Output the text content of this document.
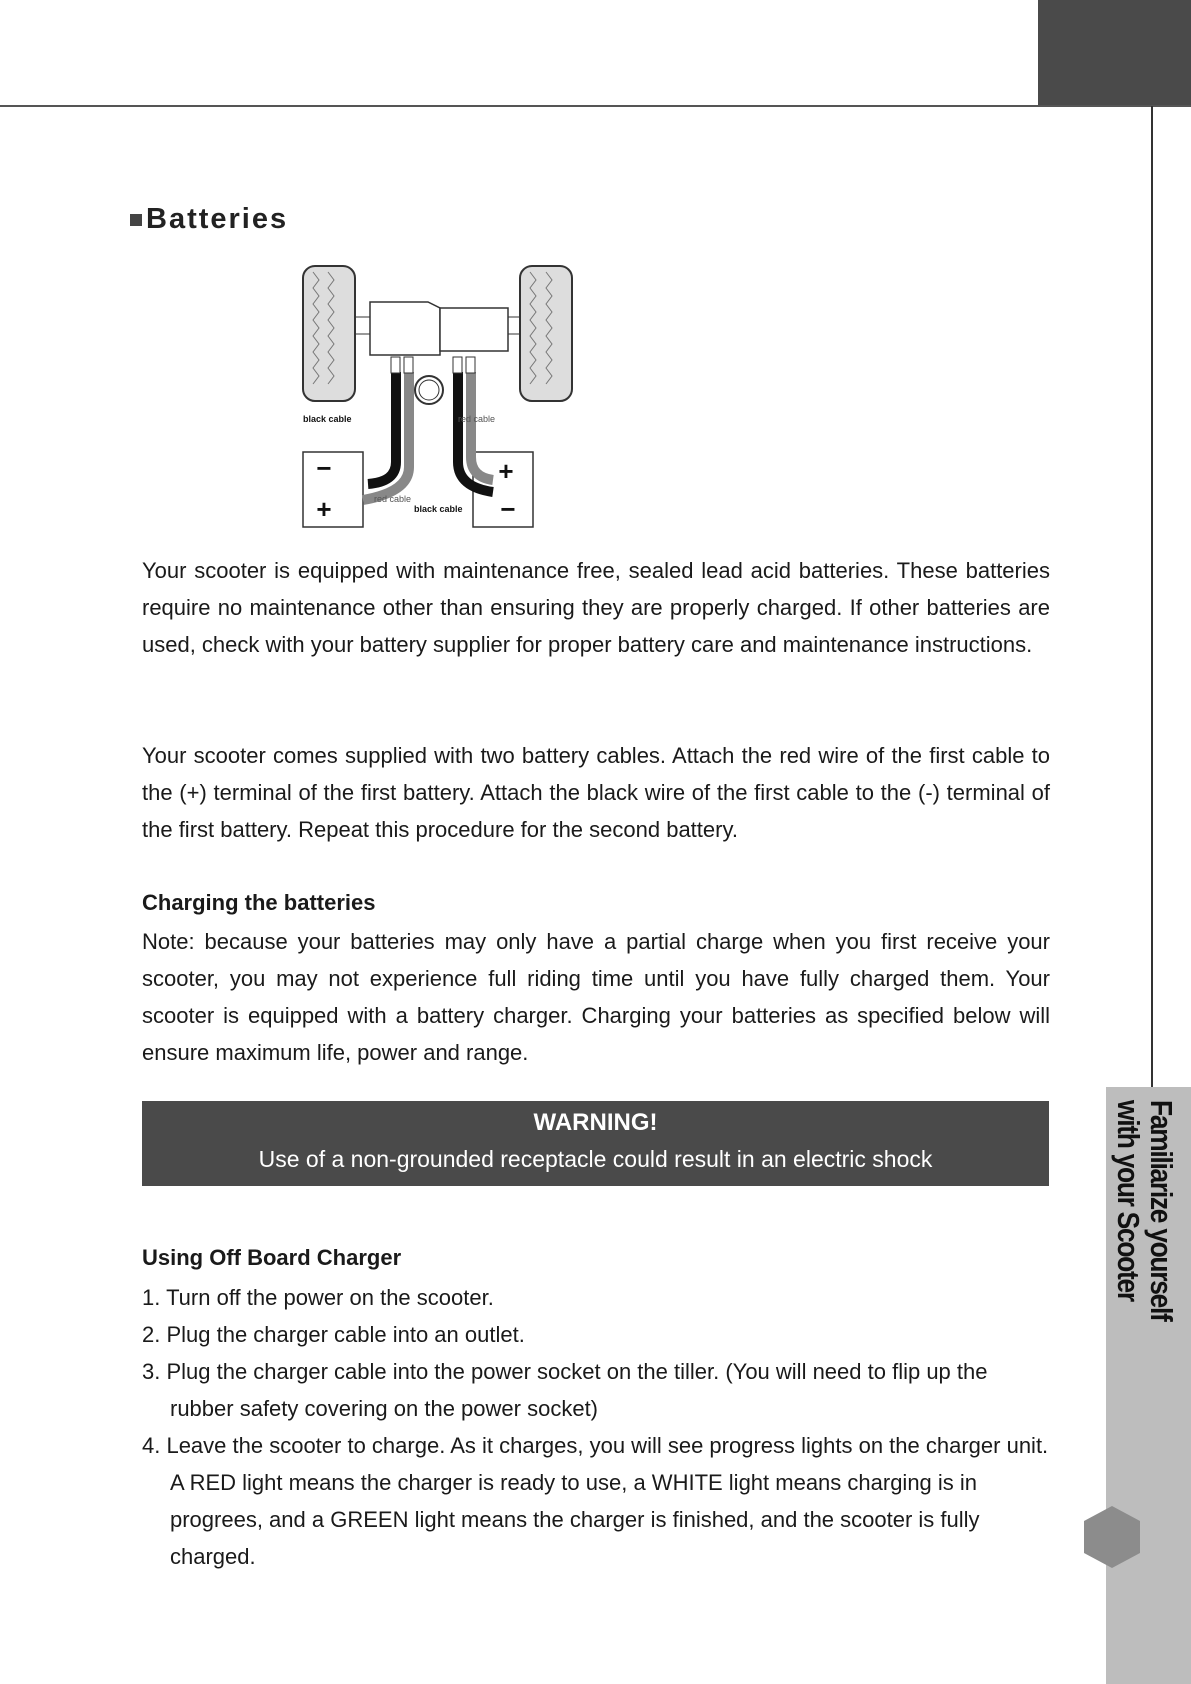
Familiarize yourself with your Scooter
Batteries
−
+
+
−
black cable	red cable
red cable
black cable

Your scooter is equipped with maintenance free, sealed lead acid batteries. These batteries require no maintenance other than ensuring they are properly charged. If other batteries are used, check with your battery supplier for proper battery care and maintenance instructions.

Your scooter comes supplied with two battery cables. Attach the red wire of the first cable to the (+) terminal of the first battery. Attach the black wire of the first cable to the (-) terminal of the first battery. Repeat this procedure for the second battery.

Charging the batteries

Note: because your batteries may only have a partial charge when you first receive your scooter, you may not experience full riding time until you have fully charged them. Your scooter is equipped with a battery charger. Charging your batteries as specified below will ensure maximum life, power and range.

WARNING!
Use of a non-grounded receptacle could result in an electric shock
Using Off Board Charger
1. Turn off the power on the scooter.
2. Plug the charger cable into an outlet.
3. Plug the charger cable into the power socket on the tiller. (You will need to flip up the rubber safety covering on the power socket)
4. Leave the scooter to charge. As it charges, you will see progress lights on the charger unit. A RED light means the charger is ready to use, a WHITE light means charging is in progrees, and a GREEN light means the charger is finished, and the scooter is fully charged.
